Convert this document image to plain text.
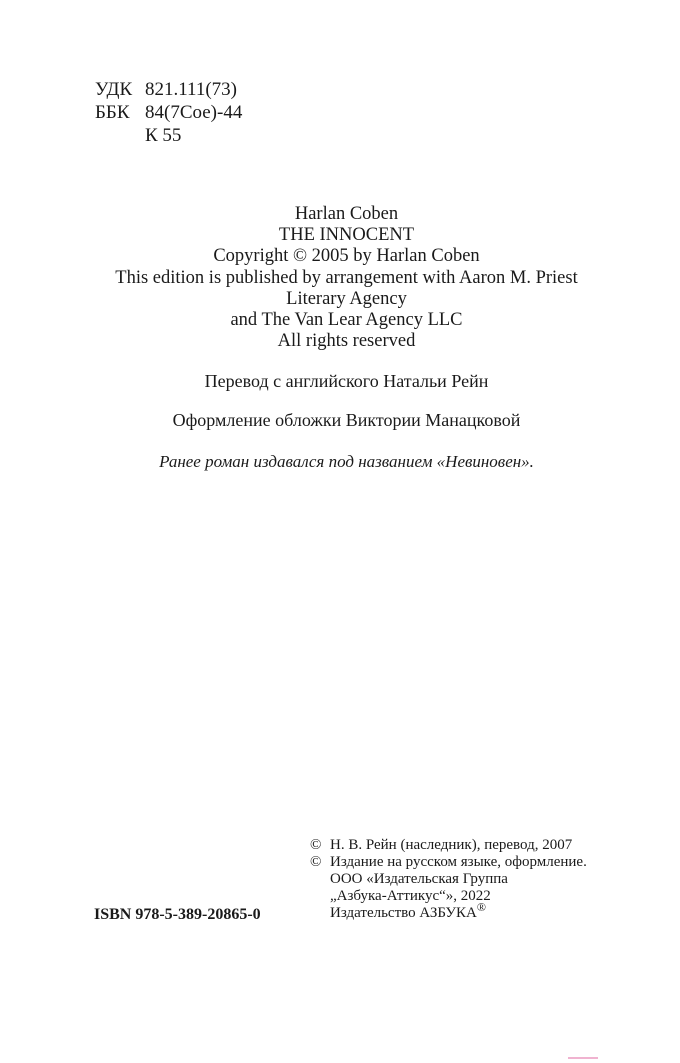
УДК 821.111(73)
ББК 84(7Сое)-44
К 55
Harlan Coben
THE INNOCENT
Copyright © 2005 by Harlan Coben
This edition is published by arrangement with Aaron M. Priest
Literary Agency
and The Van Lear Agency LLC
All rights reserved
Перевод с английского Натальи Рейн
Оформление обложки Виктории Манацковой
Ранее роман издавался под названием «Невиновен».
ISBN 978-5-389-20865-0
© Н. В. Рейн (наследник), перевод, 2007
© Издание на русском языке, оформление.
ООО «Издательская Группа
„Азбука-Аттикус“», 2022
Издательство АЗБУКА®
